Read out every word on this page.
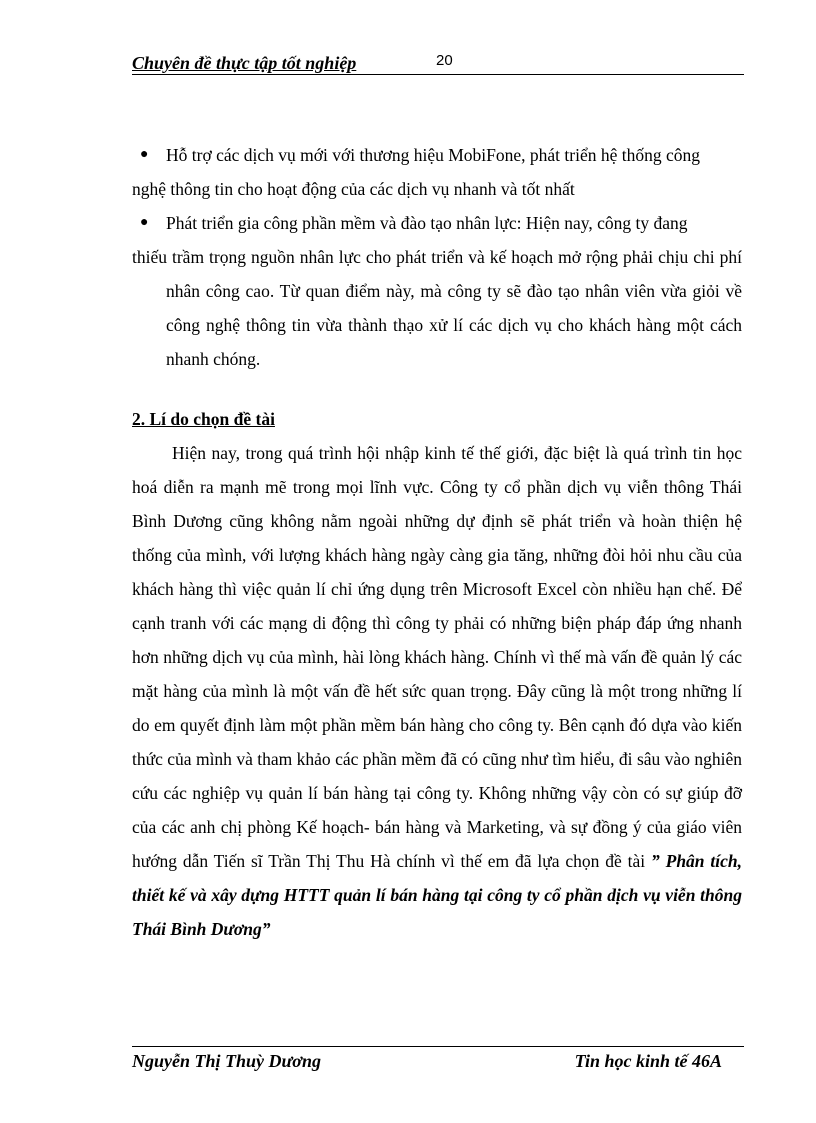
Chuyên đề thực tập tốt nghiệp	20

● Hỗ trợ các dịch vụ mới với thương hiệu MobiFone, phát triển hệ thống công
nghệ thông tin cho hoạt động của các dịch vụ nhanh và tốt nhất

● Phát triển gia công phần mềm và đào tạo nhân lực: Hiện nay, công ty đang
thiếu trầm trọng nguồn nhân lực cho phát triển và kế hoạch mở rộng phải chịu chi phí nhân công cao. Từ quan điểm này, mà công ty sẽ đào tạo nhân viên vừa giỏi về công nghệ thông tin vừa thành thạo xử lí các dịch vụ cho khách hàng một cách nhanh chóng.

2. Lí do chọn đề tài

Hiện nay, trong quá trình hội nhập kinh tế thế giới, đặc biệt là quá trình tin học hoá diễn ra mạnh mẽ trong mọi lĩnh vực. Công ty cổ phần dịch vụ viễn thông Thái Bình Dương cũng không nằm ngoài những dự định sẽ phát triển và hoàn thiện hệ thống của mình, với lượng khách hàng ngày càng gia tăng, những đòi hỏi nhu cầu của khách hàng thì việc quản lí chỉ ứng dụng trên Microsoft Excel còn nhiều hạn chế. Để cạnh tranh với các mạng di động thì công ty phải có những biện pháp đáp ứng nhanh hơn những dịch vụ của mình, hài lòng khách hàng. Chính vì thế mà vấn đề quản lý các mặt hàng của mình là một vấn đề hết sức quan trọng. Đây cũng là một trong những lí do em quyết định làm một phần mềm bán hàng cho công ty. Bên cạnh đó dựa vào kiến thức của mình và tham khảo các phần mềm đã có cũng như tìm hiểu, đi sâu vào nghiên cứu các nghiệp vụ quản lí bán hàng tại công ty. Không những vậy còn có sự giúp đỡ của các anh chị phòng Kế hoạch- bán hàng và Marketing, và sự đồng ý của giáo viên hướng dẫn Tiến sĩ Trần Thị Thu Hà chính vì thế em đã lựa chọn đề tài ” Phân tích, thiết kế và xây dựng HTTT quản lí bán hàng tại công ty cổ phần dịch vụ viễn thông Thái Bình Dương”

Nguyễn Thị Thuỳ Dương	Tin học kinh tế 46A
